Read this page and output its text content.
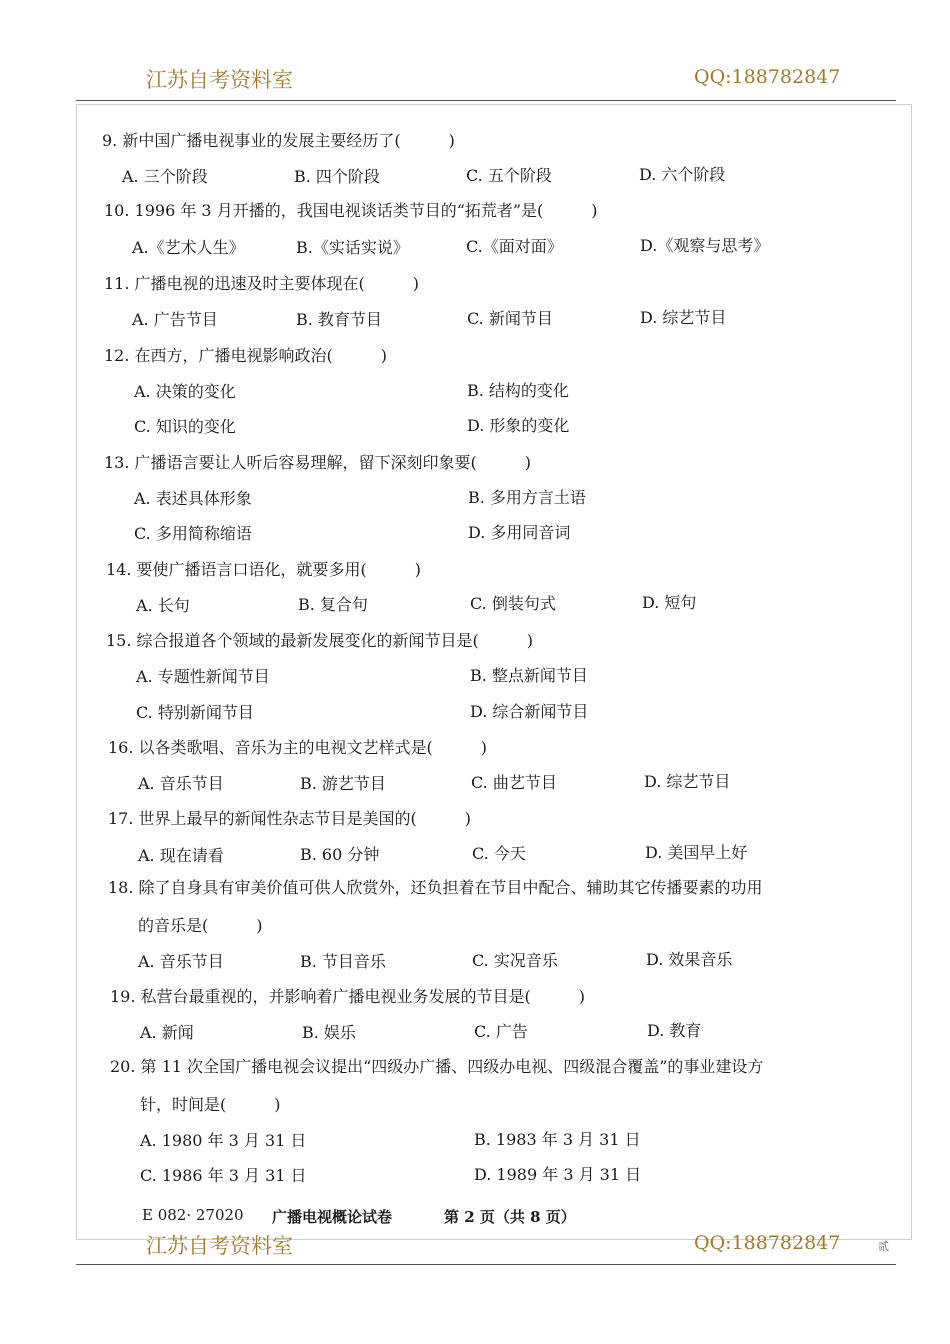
江苏自考资料室	QQ:188782847
9. 新中国广播电视事业的发展主要经历了(　　　)
A. 三个阶段	B. 四个阶段	C. 五个阶段	D. 六个阶段
10. 1996 年 3 月开播的，我国电视谈话类节目的“拓荒者”是(　　　)
A.《艺术人生》	B.《实话实说》	C.《面对面》	D.《观察与思考》
11. 广播电视的迅速及时主要体现在(　　　)
A. 广告节目	B. 教育节目	C. 新闻节目	D. 综艺节目
12. 在西方，广播电视影响政治(　　　)
A. 决策的变化	B. 结构的变化
C. 知识的变化	D. 形象的变化
13. 广播语言要让人听后容易理解，留下深刻印象要(　　　)
A. 表述具体形象	B. 多用方言土语
C. 多用简称缩语	D. 多用同音词
14. 要使广播语言口语化，就要多用(　　　)
A. 长句	B. 复合句	C. 倒装句式	D. 短句
15. 综合报道各个领域的最新发展变化的新闻节目是(　　　)
A. 专题性新闻节目	B. 整点新闻节目
C. 特别新闻节目	D. 综合新闻节目
16. 以各类歌唱、音乐为主的电视文艺样式是(　　　)
A. 音乐节目	B. 游艺节目	C. 曲艺节目	D. 综艺节目
17. 世界上最早的新闻性杂志节目是美国的(　　　)
A. 现在请看	B. 60 分钟	C. 今天	D. 美国早上好
18. 除了自身具有审美价值可供人欣赏外，还负担着在节目中配合、辅助其它传播要素的功用
的音乐是(　　　)
A. 音乐节目	B. 节目音乐	C. 实况音乐	D. 效果音乐
19. 私营台最重视的，并影响着广播电视业务发展的节目是(　　　)
A. 新闻	B. 娱乐	C. 广告	D. 教育
20. 第 11 次全国广播电视会议提出“四级办广播、四级办电视、四级混合覆盖”的事业建设方
针，时间是(　　　)
A. 1980 年 3 月 31 日	B. 1983 年 3 月 31 日
C. 1986 年 3 月 31 日	D. 1989 年 3 月 31 日
E 082· 27020 广播电视概论试卷	第 2 页（共 8 页）
江苏自考资料室	QQ:188782847	贰
